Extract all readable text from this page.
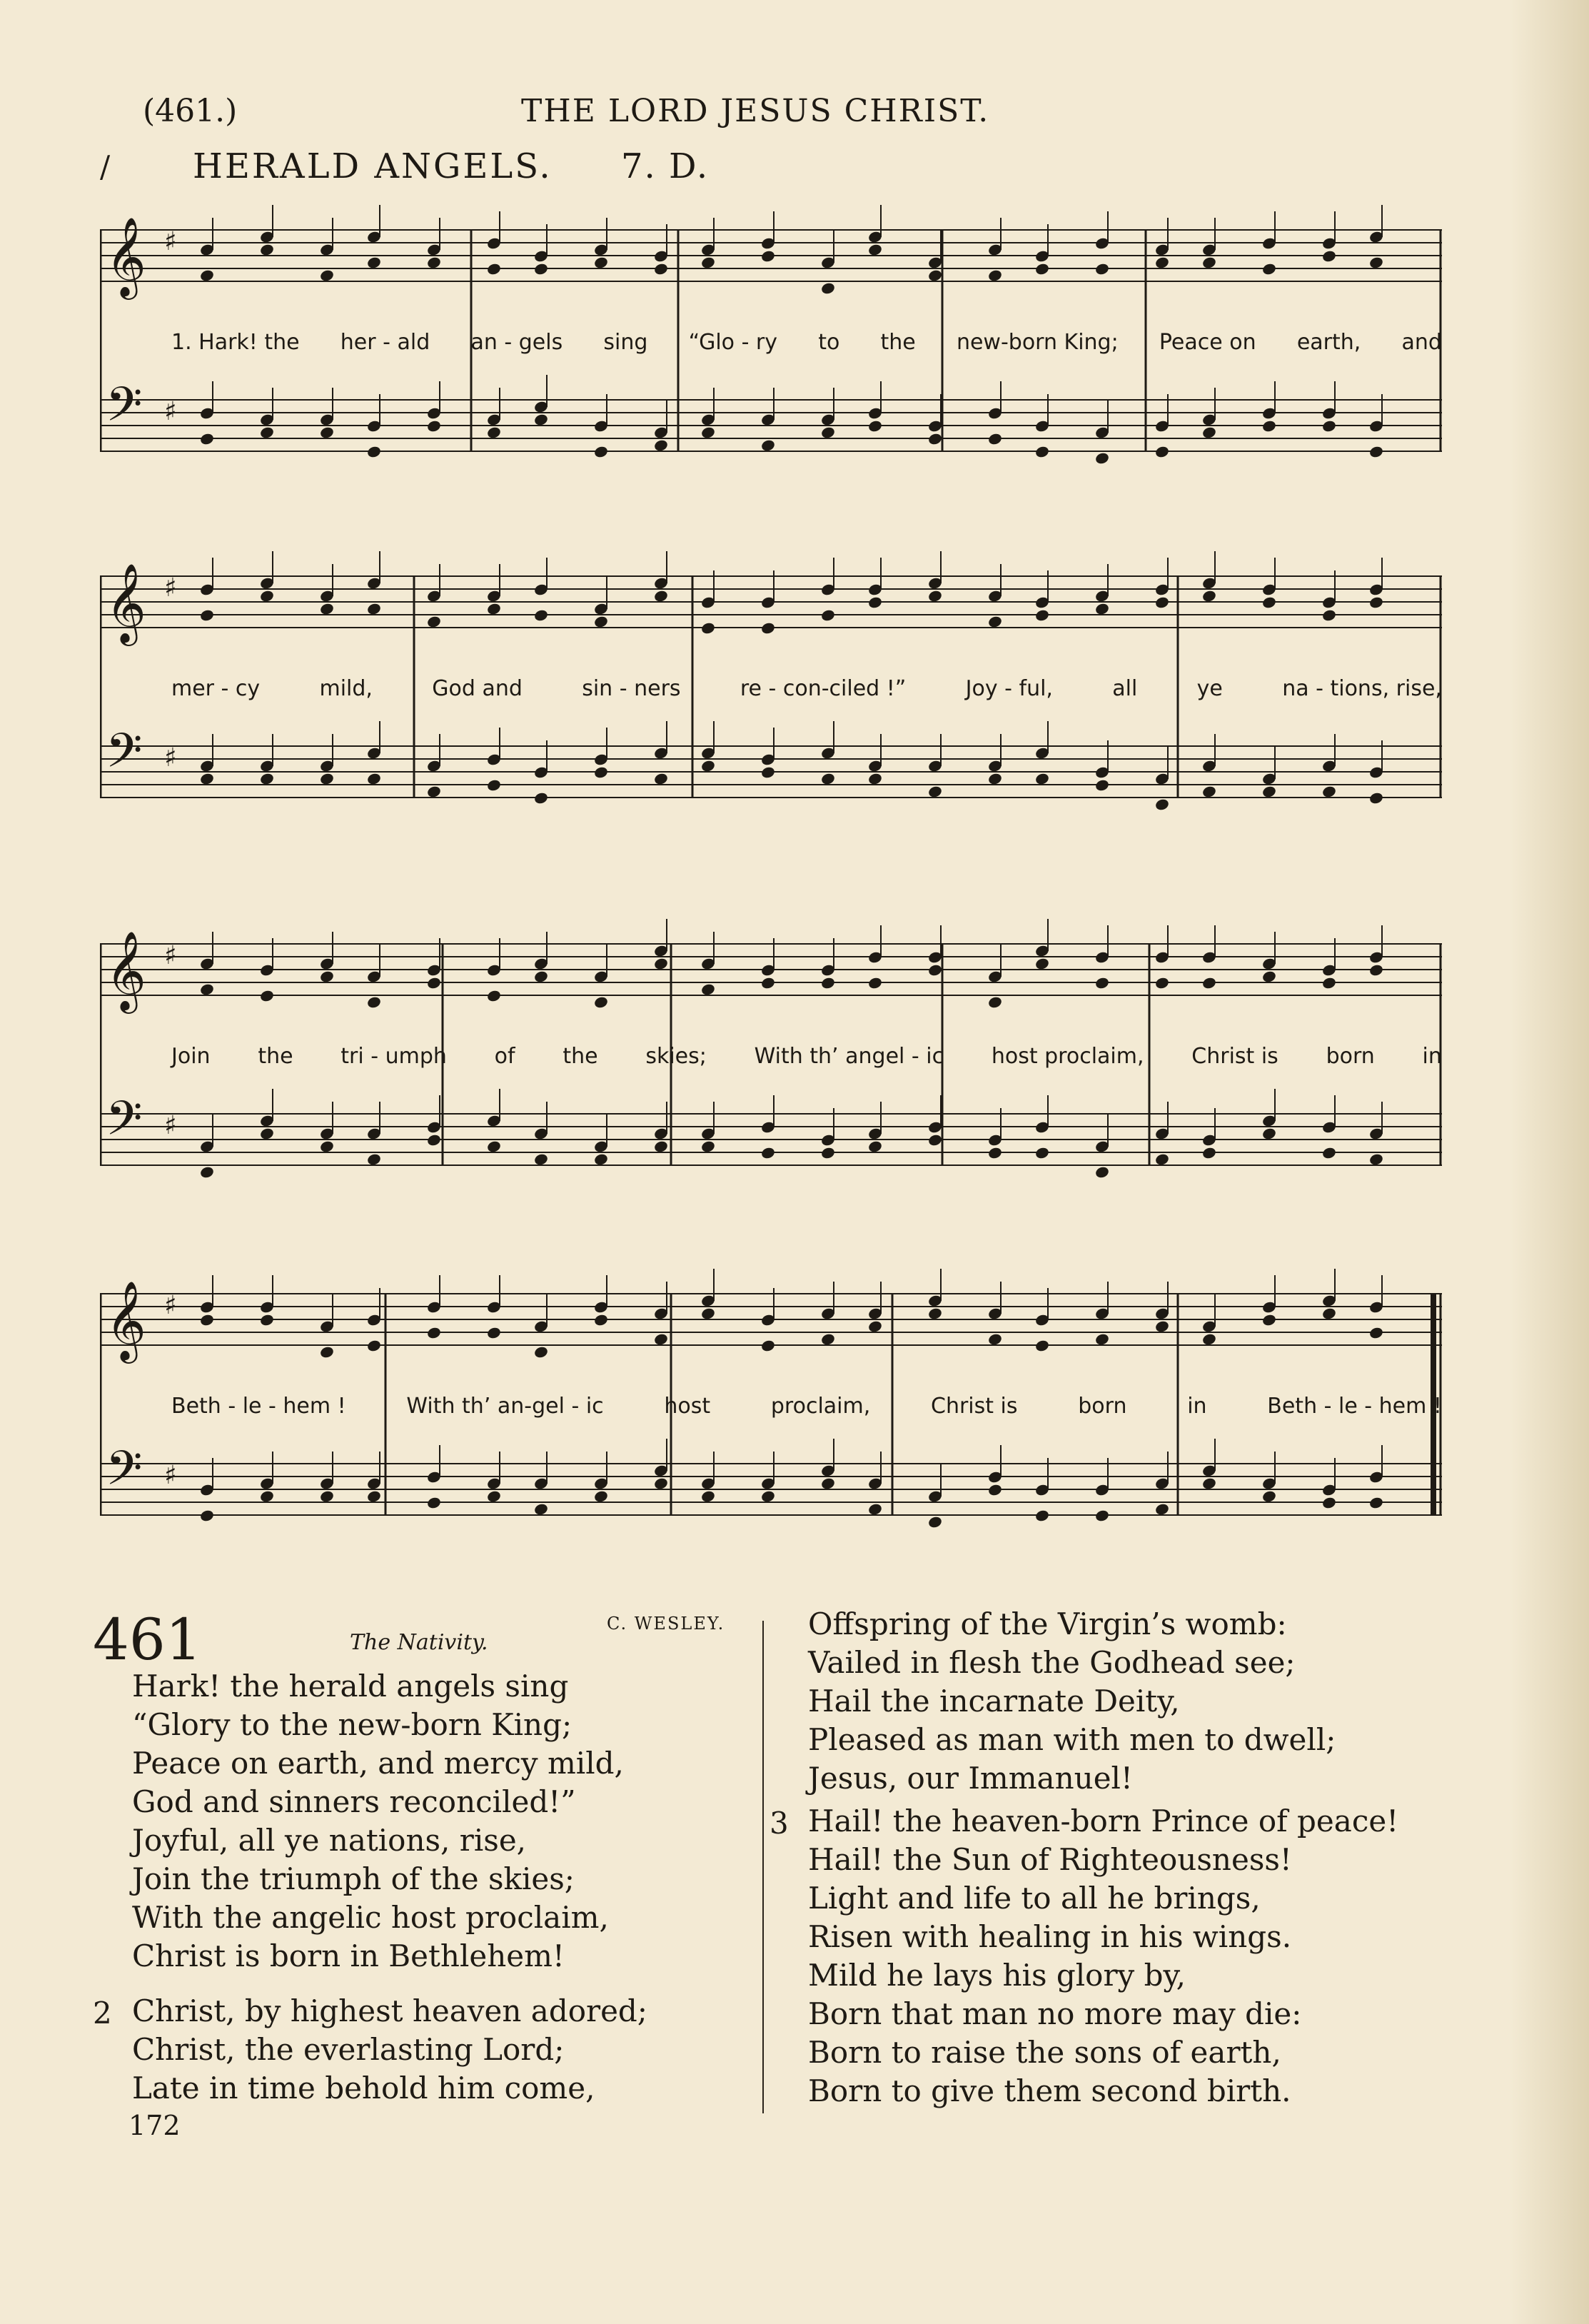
(461.)	THE LORD JESUS CHRIST.
/ HERALD ANGELS. 7. D.
𝄞 ♯
𝄢 ♯
1. Hark! the her - ald an - gels sing “Glo - ry to the new-born King; Peace on earth, and
𝄞 ♯
𝄢 ♯
mer - cy	mild,	God and	sin - ners	re - con-ciled !”	Joy - ful,	all	ye	na - tions, rise,
𝄞 ♯
𝄢 ♯
Join the tri - umph of the skies; With th’ angel - ic host proclaim, Christ is born in
𝄞 ♯
𝄢 ♯
Beth - le - hem !	With th’ an-gel - ic	host	proclaim,	Christ is	born	in	Beth - le - hem !
461	The Nativity.
C. WESLEY.
Hark! the herald angels sing
“Glory to the new-born King;
Peace on earth, and mercy mild,
God and sinners reconciled!”
Joyful, all ye nations, rise,
Join the triumph of the skies;
With the angelic host proclaim,
Christ is born in Bethlehem!
2 Christ, by highest heaven adored;
Christ, the everlasting Lord;
Late in time behold him come,
Offspring of the Virgin’s womb:
Vailed in flesh the Godhead see;
Hail the incarnate Deity,
Pleased as man with men to dwell;
Jesus, our Immanuel!
3 Hail! the heaven-born Prince of peace!
Hail! the Sun of Righteousness!
Light and life to all he brings,
Risen with healing in his wings.
Mild he lays his glory by,
Born that man no more may die:
Born to raise the sons of earth,
Born to give them second birth.
172
